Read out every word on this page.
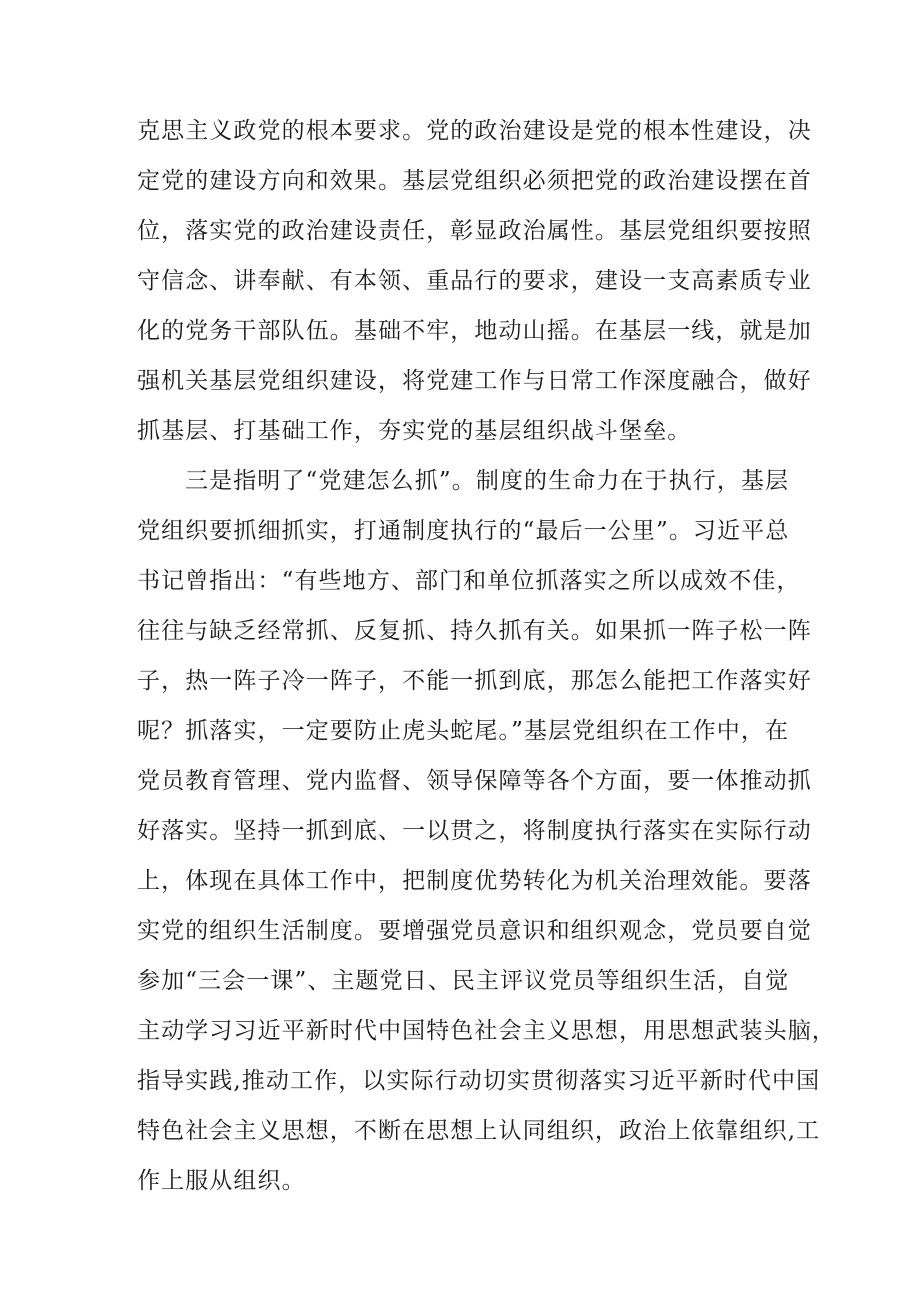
克思主义政党的根本要求。党的政治建设是党的根本性建设，决
定党的建设方向和效果。基层党组织必须把党的政治建设摆在首
位，落实党的政治建设责任，彰显政治属性。基层党组织要按照
守信念、讲奉献、有本领、重品行的要求，建设一支高素质专业
化的党务干部队伍。基础不牢，地动山摇。在基层一线，就是加
强机关基层党组织建设，将党建工作与日常工作深度融合，做好
抓基层、打基础工作，夯实党的基层组织战斗堡垒。
三是指明了“党建怎么抓”。制度的生命力在于执行，基层
党组织要抓细抓实，打通制度执行的“最后一公里”。习近平总
书记曾指出：“有些地方、部门和单位抓落实之所以成效不佳，
往往与缺乏经常抓、反复抓、持久抓有关。如果抓一阵子松一阵
子，热一阵子冷一阵子，不能一抓到底，那怎么能把工作落实好
呢？抓落实，一定要防止虎头蛇尾。”基层党组织在工作中，在
党员教育管理、党内监督、领导保障等各个方面，要一体推动抓
好落实。坚持一抓到底、一以贯之，将制度执行落实在实际行动
上，体现在具体工作中，把制度优势转化为机关治理效能。要落
实党的组织生活制度。要增强党员意识和组织观念，党员要自觉
参加“三会一课”、主题党日、民主评议党员等组织生活，自觉
主动学习习近平新时代中国特色社会主义思想，用思想武装头脑，
指导实践,推动工作，以实际行动切实贯彻落实习近平新时代中国
特色社会主义思想，不断在思想上认同组织，政治上依靠组织,工
作上服从组织。
